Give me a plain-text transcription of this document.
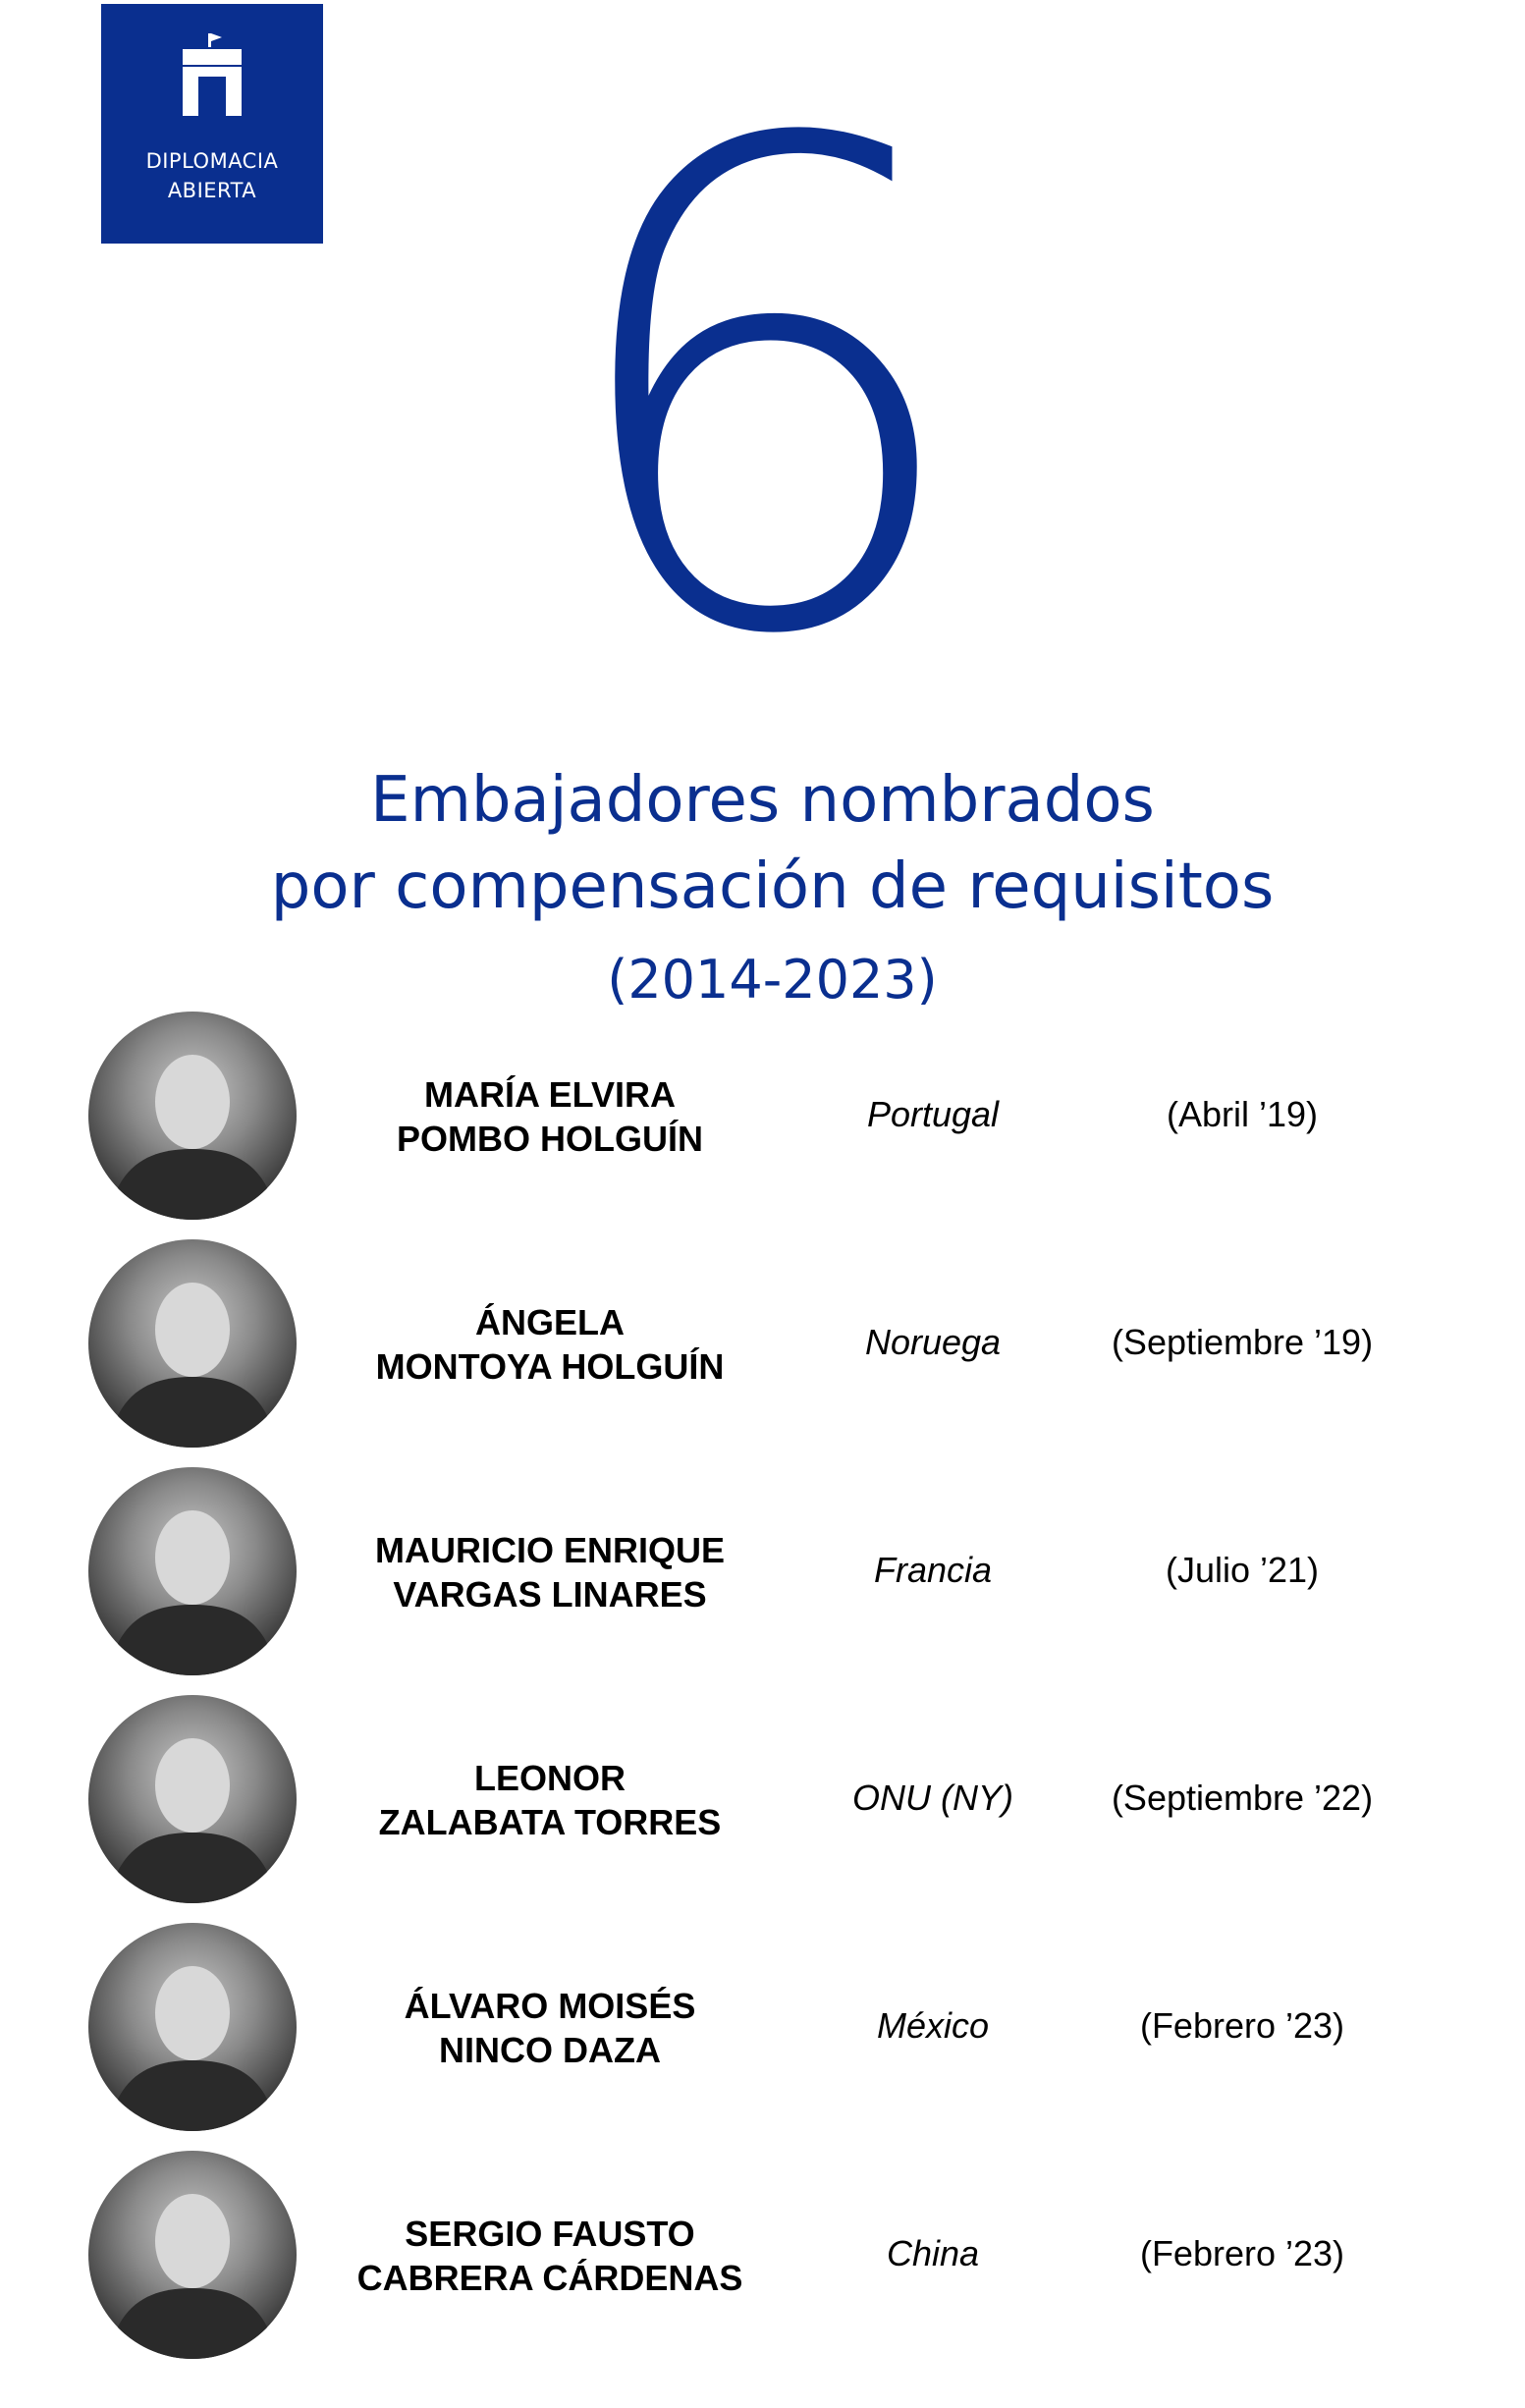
DIPLOMACIA
ABIERTA 6
Embajadores nombrados
por compensación de requisitos
(2014-2023)
MARÍA ELVIRA
POMBO HOLGUÍN
Portugal	(Abril ’19)
ÁNGELA
MONTOYA HOLGUÍN
Noruega	(Septiembre ’19)
MAURICIO ENRIQUE
VARGAS LINARES
Francia	(Julio ’21)
LEONOR
ZALABATA TORRES
ONU (NY)	(Septiembre ’22)
ÁLVARO MOISÉS
NINCO DAZA
México	(Febrero ’23)
SERGIO FAUSTO
CABRERA CÁRDENAS
China	(Febrero ’23)
